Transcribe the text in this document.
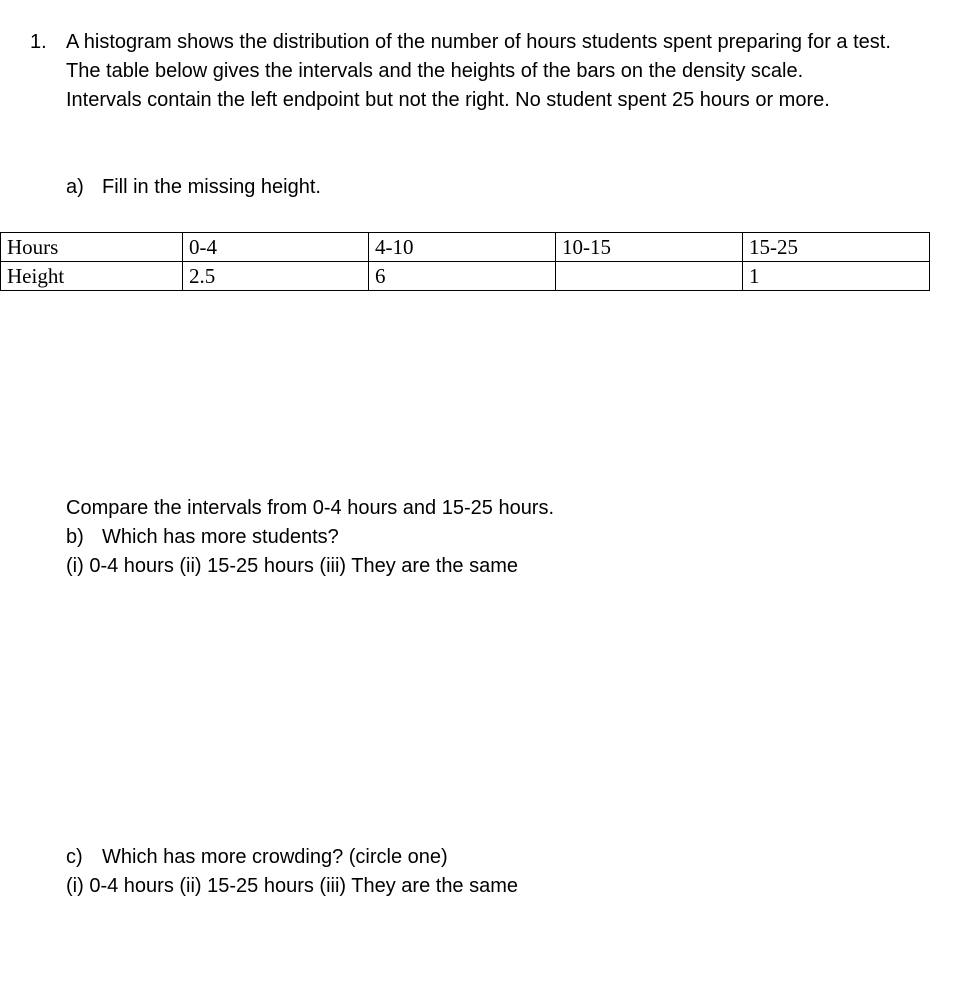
1. A histogram shows the distribution of the number of hours students spent preparing for a test.

The table below gives the intervals and the heights of the bars on the density scale.

Intervals contain the left endpoint but not the right. No student spent 25 hours or more.

a) Fill in the missing height.
Hours	0-4	4-10	10-15	15-25
Height	2.5	6		1
Compare the intervals from 0-4 hours and 15-25 hours.
b) Which has more students?
(i) 0-4 hours (ii) 15-25 hours (iii) They are the same
c) Which has more crowding? (circle one)
(i) 0-4 hours (ii) 15-25 hours (iii) They are the same
